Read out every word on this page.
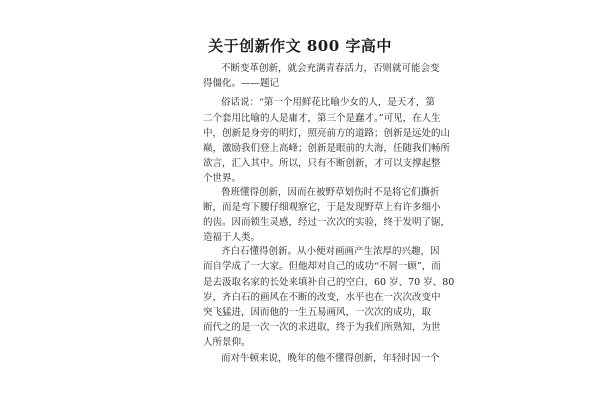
关于创新作文 800 字高中
不断变革创新，就会充满青春活力，否则就可能会变
得僵化。——题记
俗话说：“第一个用鲜花比喻少女的人，是天才，第
二个套用比喻的人是庸才，第三个是蠢才。”可见，在人生
中，创新是身旁的明灯，照亮前方的道路；创新是远处的山
巅，激励我们登上高峰；创新是眼前的大海，任随我们畅所
欲言，汇入其中。所以，只有不断创新，才可以支撑起整
个世界。
鲁班懂得创新，因而在被野草划伤时不是将它们撕折
断，而是弯下腰仔细观察它，于是发现野草上有许多细小
的齿。因而锁生灵感，经过一次次的实验，终于发明了锯，
造福于人类。
齐白石懂得创新。从小便对画画产生浓厚的兴趣，因
而自学成了一大家。但他却对自己的成功“不屑一顾”，而
是去汲取名家的长处来填补自己的空白，60 岁、70 岁、80
岁，齐白石的画风在不断的改变，水平也在一次次改变中
突飞猛进，因而他的一生五易画风，一次次的成功，取
而代之的是一次一次的求进取，终于为我们所熟知，为世
人所景仰。
而对牛顿来说，晚年的他不懂得创新，年轻时因一个
